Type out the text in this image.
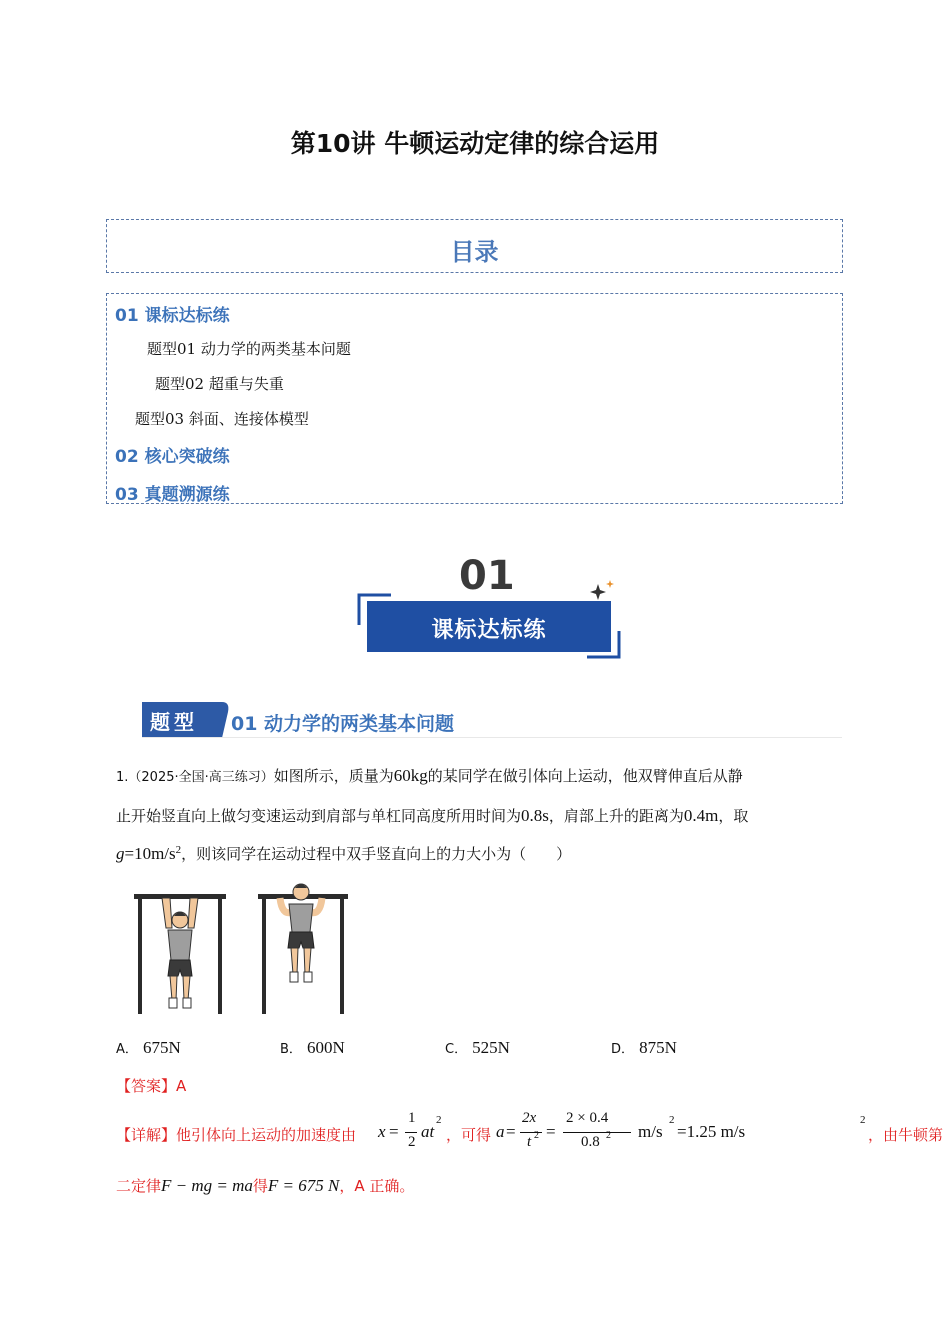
第10讲 牛顿运动定律的综合运用
目录
01 课标达标练
题型01 动力学的两类基本问题
题型02 超重与失重
题型03 斜面、连接体模型
02 核心突破练
03 真题溯源练
01
课标达标练
题型 01 动力学的两类基本问题
1.（2025·全国·高三练习）如图所示，质量为60kg的某同学在做引体向上运动，他双臂伸直后从静
止开始竖直向上做匀变速运动到肩部与单杠同高度所用时间为0.8s，肩部上升的距离为0.4m，取
$g=10m/s^2$，则该同学在运动过程中双手竖直向上的力大小为（　　）
A． 675N	B． 600N	C． 525N	D． 875N
【答案】A
【详解】他引体向上运动的加速度由 x =
1
2
at
2
，可得 a =
2x
t 2 =
2 × 0.4
0.8 2 m/s
2
=1.25 m/s
2
，由牛顿第
二定律F − mg = ma得F = 675 N，A 正确。
